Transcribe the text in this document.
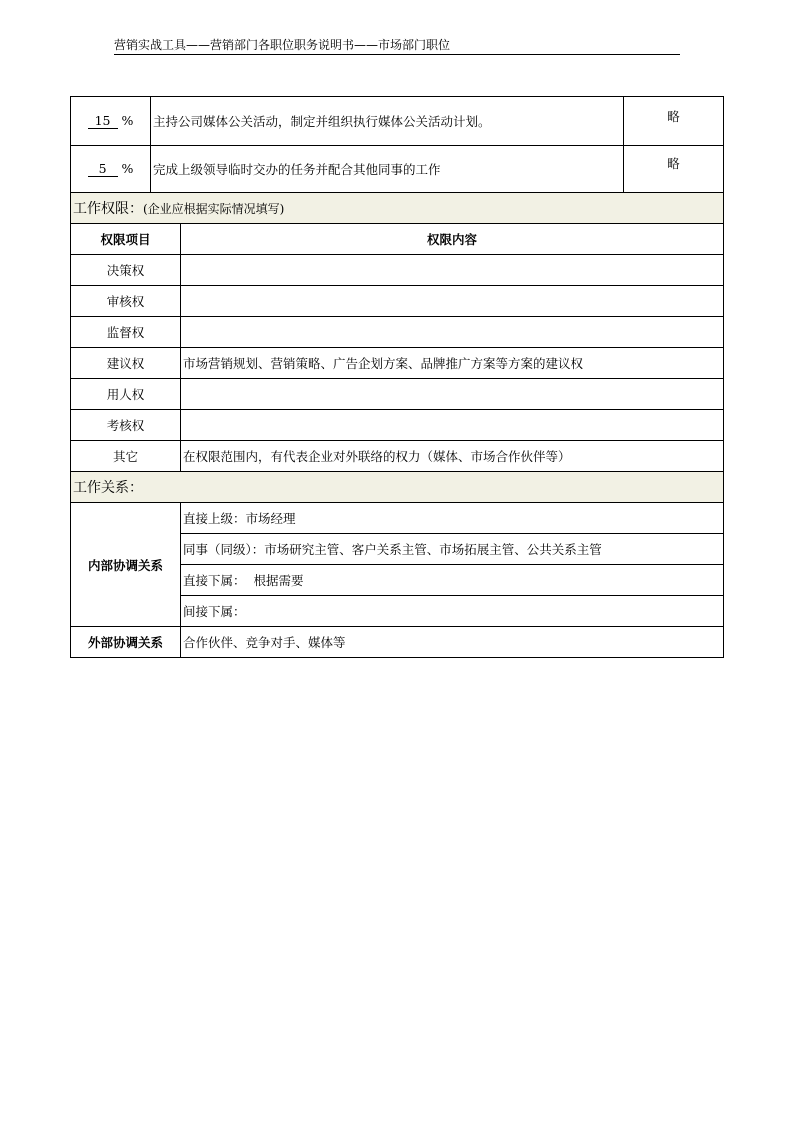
营销实战工具——营销部门各职位职务说明书——市场部门职位
15 %	主持公司媒体公关活动，制定并组织执行媒体公关活动计划。		略
5 %	完成上级领导临时交办的任务并配合其他同事的工作		略
工作权限：(企业应根据实际情况填写)			
权限项目		权限内容	
决策权			
审核权			
监督权			
建议权		市场营销规划、营销策略、广告企划方案、品牌推广方案等方案的建议权	
用人权			
考核权			
其它		在权限范围内，有代表企业对外联络的权力（媒体、市场合作伙伴等）	
工作关系：			
内部协调关系		直接上级：市场经理	
		同事（同级）：市场研究主管、客户关系主管、市场拓展主管、公共关系主管	
		直接下属：  根据需要	
		间接下属：	
外部协调关系		合作伙伴、竞争对手、媒体等	
